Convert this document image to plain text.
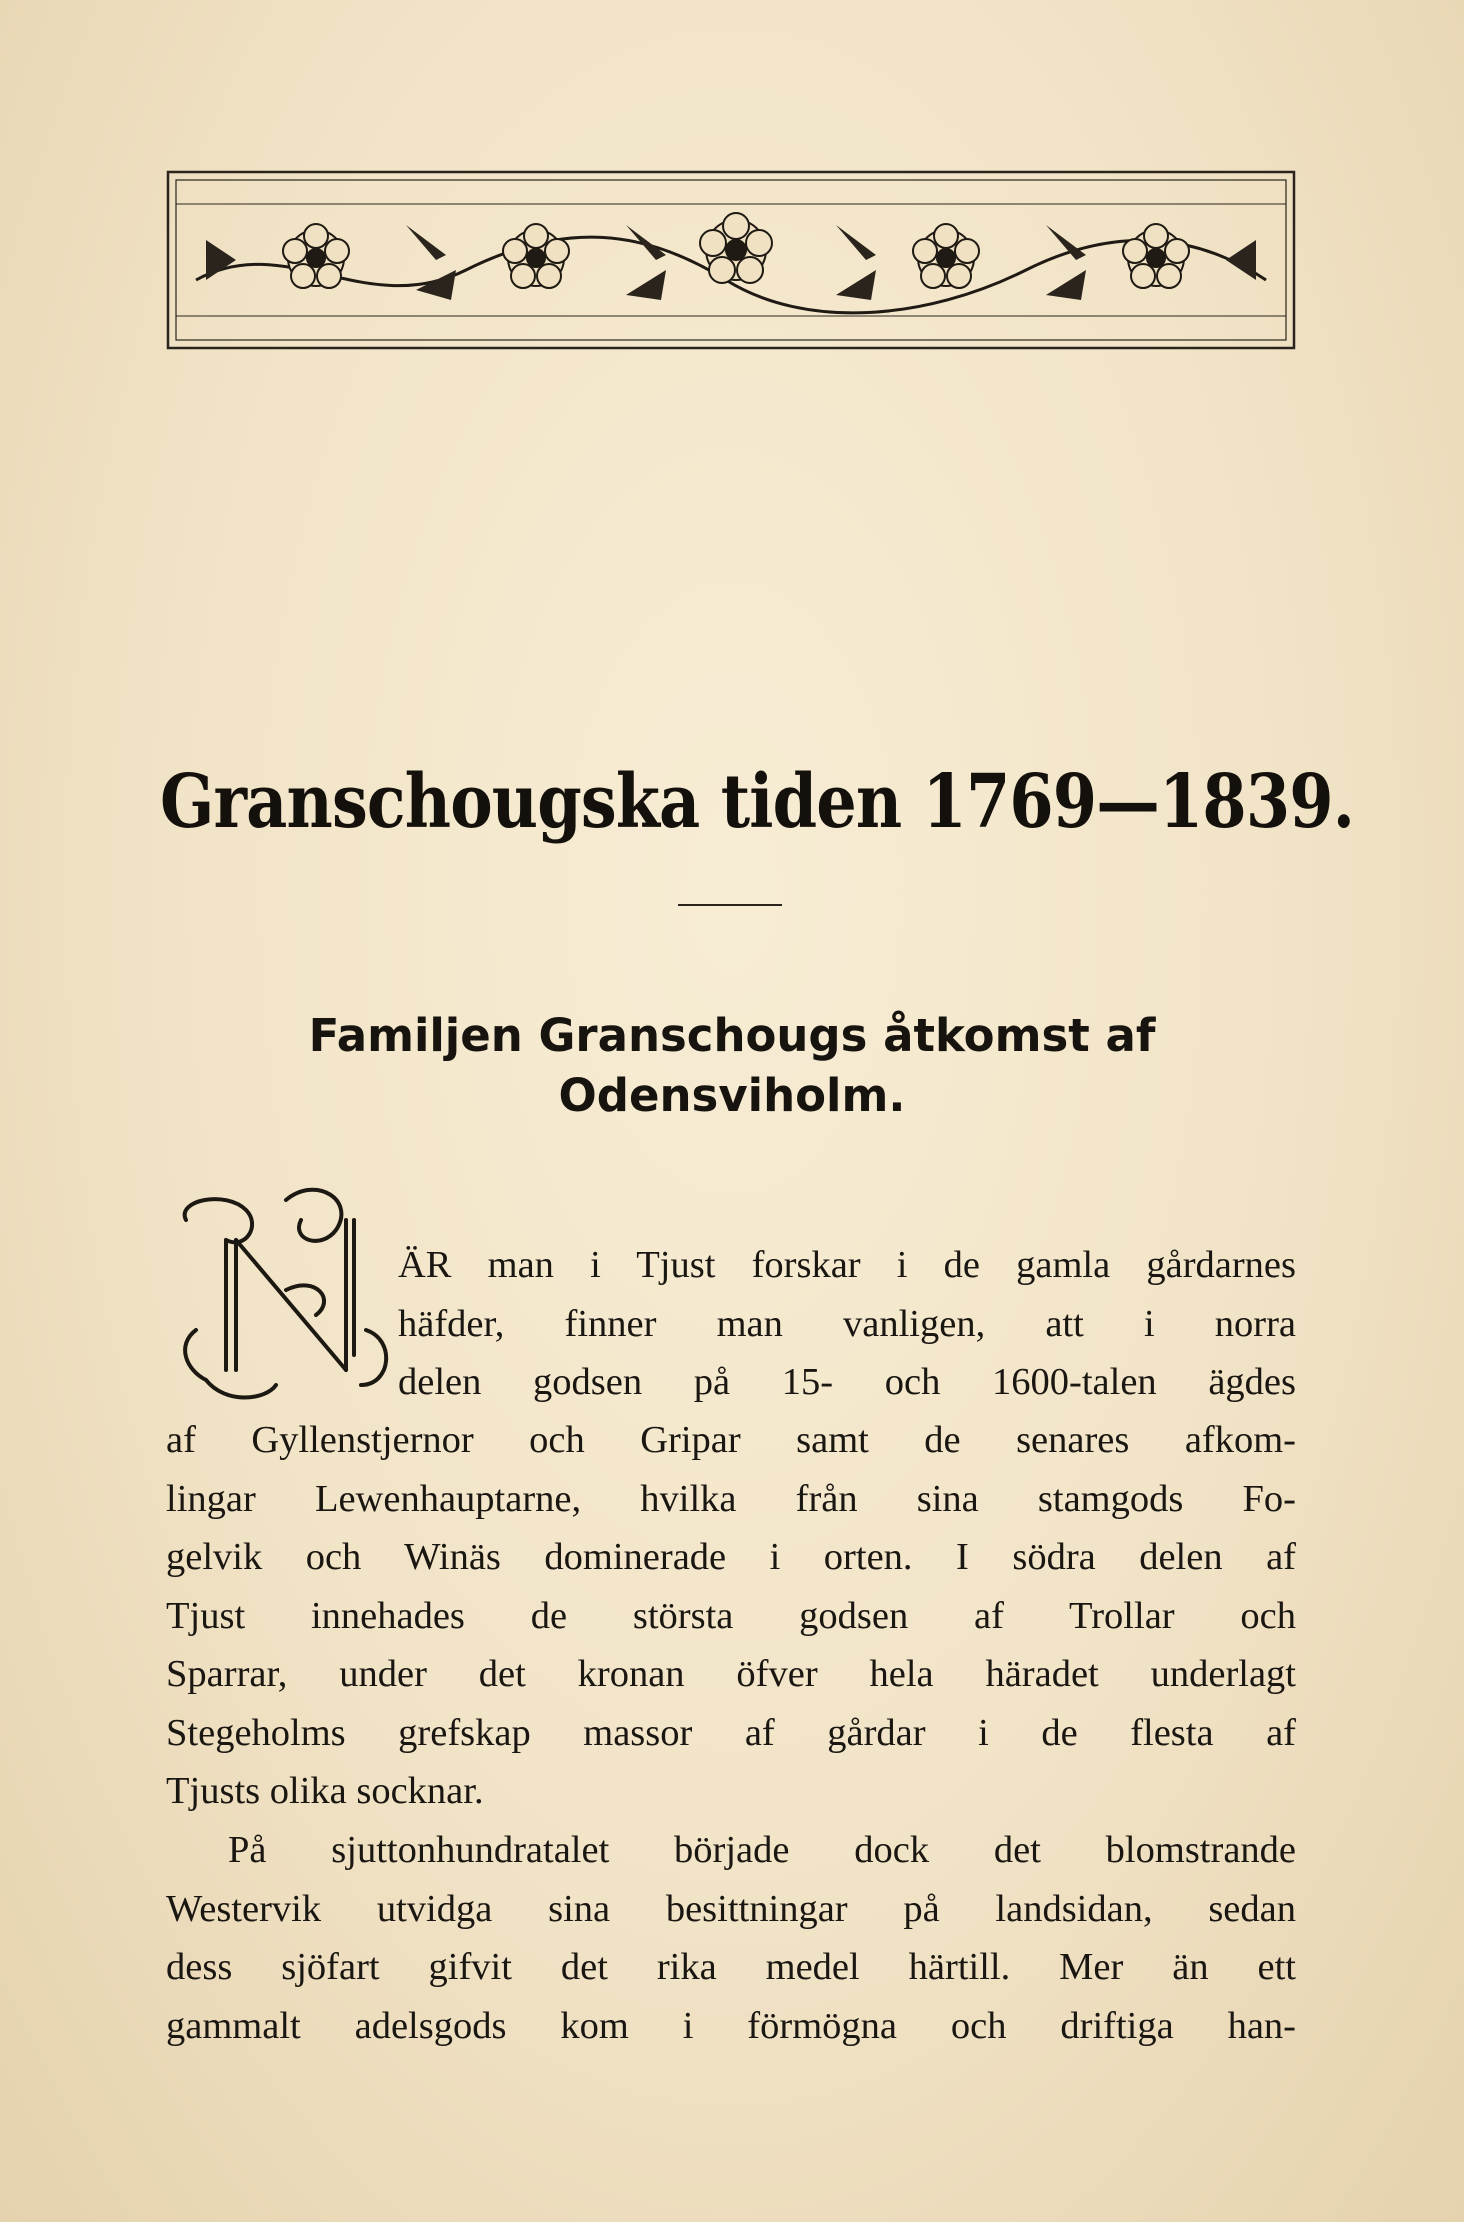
Granschougska tiden 1769—1839.
Familjen Granschougs åtkomst af
Odensviholm.

ÄR man i Tjust forskar i de gamla gårdarnes
häfder, finner man vanligen, att i norra
delen godsen på 15- och 1600-talen ägdes

af Gyllenstjernor och Gripar samt de senares afkom-
lingar Lewenhauptarne, hvilka från sina stamgods Fo-
gelvik och Winäs dominerade i orten. I södra delen af
Tjust innehades de största godsen af Trollar och
Sparrar, under det kronan öfver hela häradet underlagt
Stegeholms grefskap massor af gårdar i de flesta af
Tjusts olika socknar.

På sjuttonhundratalet började dock det blomstrande
Westervik utvidga sina besittningar på landsidan, sedan
dess sjöfart gifvit det rika medel härtill. Mer än ett
gammalt adelsgods kom i förmögna och driftiga han-
